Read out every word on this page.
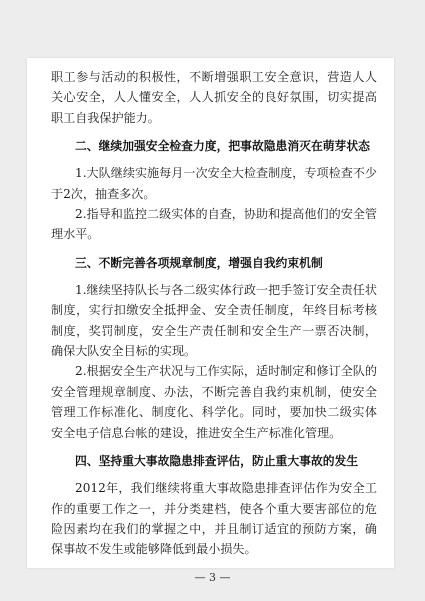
职工参与活动的积极性，不断增强职工安全意识，营造人人关心安全，人人懂安全，人人抓安全的良好氛围，切实提高职工自我保护能力。

二、继续加强安全检查力度，把事故隐患消灭在萌芽状态

1.大队继续实施每月一次安全大检查制度，专项检查不少于2次，抽查多次。

2.指导和监控二级实体的自查，协助和提高他们的安全管理水平。

三、不断完善各项规章制度，增强自我约束机制

1.继续坚持队长与各二级实体行政一把手签订安全责任状制度，实行扣缴安全抵押金、安全责任制度，年终目标考核制度，奖罚制度，安全生产责任制和安全生产一票否决制，确保大队安全目标的实现。

2.根据安全生产状况与工作实际，适时制定和修订全队的安全管理规章制度、办法，不断完善自我约束机制，使安全管理工作标准化、制度化、科学化。同时，要加快二级实体安全电子信息台帐的建设，推进安全生产标准化管理。

四、坚持重大事故隐患排查评估，防止重大事故的发生

2012年，我们继续将重大事故隐患排查评估作为安全工作的重要工作之一，并分类建档，使各个重大要害部位的危险因素均在我们的掌握之中，并且制订适宜的预防方案，确保事故不发生或能够降低到最小损失。

— 3 —
